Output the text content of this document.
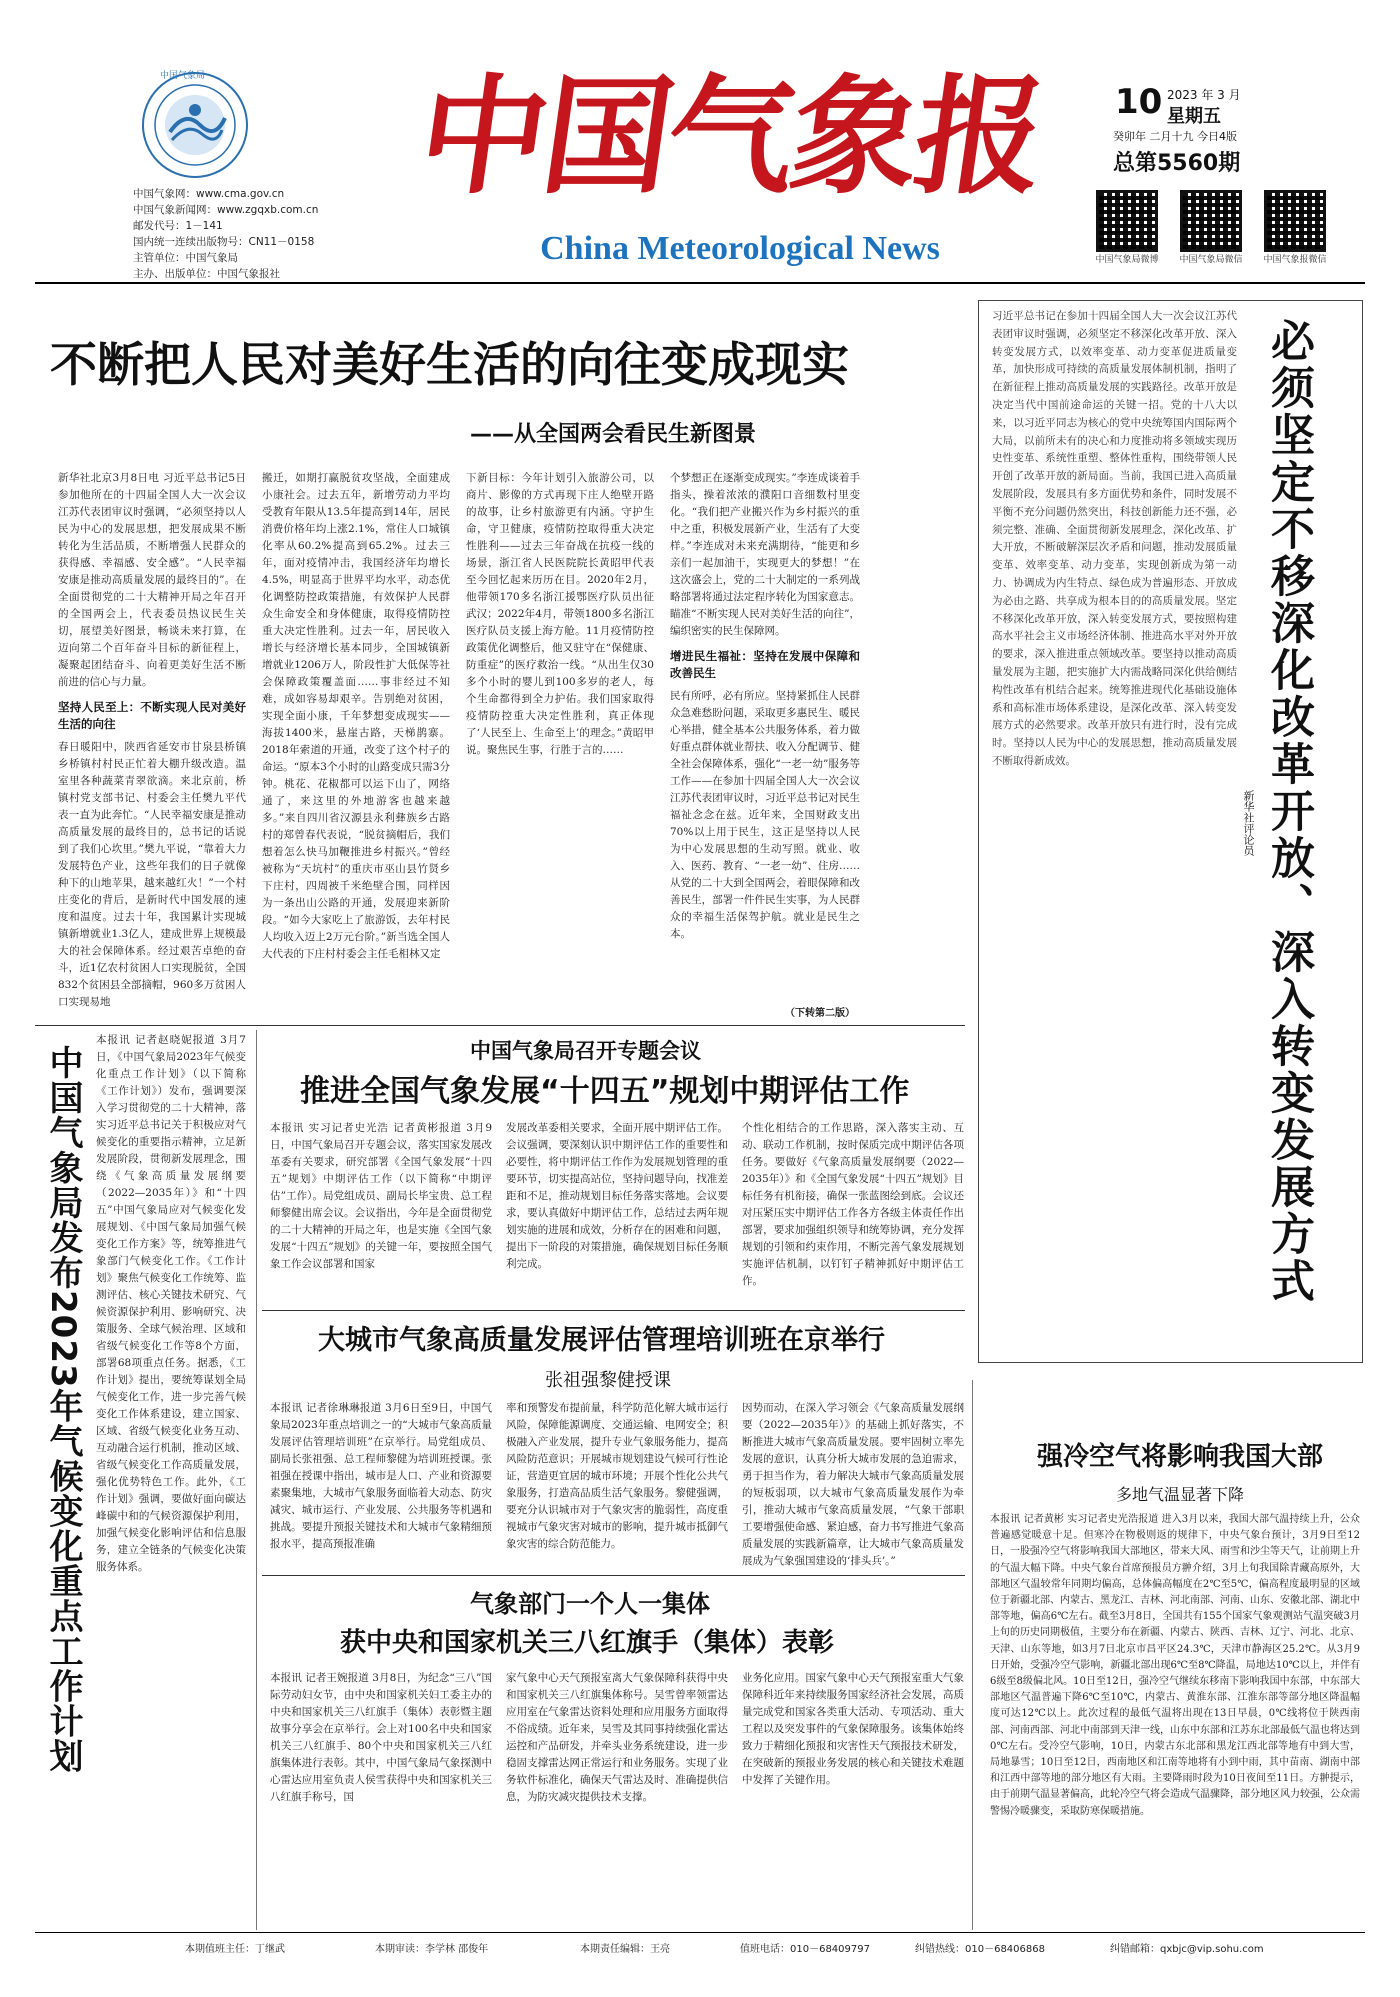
中国气象局
中国气象网：www.cma.gov.cn
中国气象新闻网：www.zgqxb.com.cn
邮发代号：1－141
国内统一连续出版物号：CN11－0158
主管单位：中国气象局
主办、出版单位：中国气象报社
中国气象报
China Meteorological News
10 2023 年 3 月
星期五
癸卯年 二月十九 今日4版
总第5560期
中国气象局微博	中国气象局微信	中国气象报微信
不断把人民对美好生活的向往变成现实
——从全国两会看民生新图景
新华社北京3月8日电 习近平总书记5日参加他所在的十四届全国人大一次会议江苏代表团审议时强调，“必须坚持以人民为中心的发展思想，把发展成果不断转化为生活品质，不断增强人民群众的获得感、幸福感、安全感”。“人民幸福安康是推动高质量发展的最终目的”。在全面贯彻党的二十大精神开局之年召开的全国两会上，代表委员热议民生关切，展望美好图景，畅谈未来打算，在迈向第二个百年奋斗目标的新征程上，凝聚起团结奋斗、向着更美好生活不断前进的信心与力量。
坚持人民至上：不断实现人民对美好生活的向往
春日暖阳中，陕西省延安市甘泉县桥镇乡桥镇村村民正忙着大棚升级改造。温室里各种蔬菜青翠欲滴。来北京前，桥镇村党支部书记、村委会主任樊九平代表一直为此奔忙。“人民幸福安康是推动高质量发展的最终目的，总书记的话说到了我们心坎里。”樊九平说，“靠着大力发展特色产业，这些年我们的日子就像种下的山地苹果，越来越红火！”一个村庄变化的背后，是新时代中国发展的速度和温度。过去十年，我国累计实现城镇新增就业1.3亿人，建成世界上规模最大的社会保障体系。经过艰苦卓绝的奋斗，近1亿农村贫困人口实现脱贫，全国832个贫困县全部摘帽，960多万贫困人口实现易地
搬迁，如期打赢脱贫攻坚战，全面建成小康社会。过去五年，新增劳动力平均受教育年限从13.5年提高到14年，居民消费价格年均上涨2.1%，常住人口城镇化率从60.2%提高到65.2%。过去三年，面对疫情冲击，我国经济年均增长4.5%，明显高于世界平均水平，动态优化调整防控政策措施，有效保护人民群众生命安全和身体健康，取得疫情防控重大决定性胜利。过去一年，居民收入增长与经济增长基本同步，全国城镇新增就业1206万人，阶段性扩大低保等社会保障政策覆盖面……事非经过不知难，成如容易却艰辛。告别绝对贫困，实现全面小康，千年梦想变成现实——海拔1400米，悬崖古路，天梯鹊寨。2018年索道的开通，改变了这个村子的命运。“原本3个小时的山路变成只需3分钟。桃花、花椒都可以运下山了，网络通了，来这里的外地游客也越来越多。”来自四川省汉源县永利彝族乡古路村的郑曾春代表说，“脱贫摘帽后，我们想着怎么快马加鞭推进乡村振兴。”曾经被称为“天坑村”的重庆市巫山县竹贤乡下庄村，四周被千米绝壁合围，同样因为一条出山公路的开通，发展迎来新阶段。“如今大家吃上了旅游饭，去年村民人均收入迈上2万元台阶。”新当选全国人大代表的下庄村村委会主任毛相林又定
下新目标：今年计划引入旅游公司，以商片、影像的方式再现下庄人绝壁开路的故事，让乡村旅游更有内涵。守护生命，守卫健康，疫情防控取得重大决定性胜利——过去三年奋战在抗疫一线的场景，浙江省人民医院院长黄昭甲代表至今回忆起来历历在目。2020年2月，他带领170多名浙江援鄂医疗队员出征武汉；2022年4月，带领1800多名浙江医疗队员支援上海方舱。11月疫情防控政策优化调整后，他又驻守在“保健康、防重症”的医疗救治一线。“从出生仅30多个小时的婴儿到100多岁的老人，每个生命都得到全力护佑。我们国家取得疫情防控重大决定性胜利，真正体现了‘人民至上、生命至上’的理念。”黄昭甲说。聚焦民生事，行胜于言的……
个梦想正在逐渐变成现实。”李连成谈着手指头，操着浓浓的濮阳口音细数村里变化。“我们把产业搬兴作为乡村振兴的重中之重，积极发展新产业，生活有了大变样。”李连成对未来充满期待，“能更和乡亲们一起加油干，实现更大的梦想！”在这次盛会上，党的二十大制定的一系列战略部署将通过法定程序转化为国家意志。瞄准“不断实现人民对美好生活的向往”，编织密实的民生保障网。
增进民生福祉：坚持在发展中保障和改善民生
民有所呼，必有所应。坚持紧抓住人民群众急难愁盼问题，采取更多惠民生、暖民心举措，健全基本公共服务体系，着力做好重点群体就业帮扶、收入分配调节、健全社会保障体系，强化“一老一幼”服务等工作——在参加十四届全国人大一次会议江苏代表团审议时，习近平总书记对民生福祉念念在兹。近年来，全国财政支出70%以上用于民生，这正是坚持以人民为中心发展思想的生动写照。就业、收入、医药、教育、“一老一幼”、住房……从党的二十大到全国两会，着眼保障和改善民生，部署一件件民生实事，为人民群众的幸福生活保驾护航。就业是民生之本。
（下转第二版）
习近平总书记在参加十四届全国人大一次会议江苏代表团审议时强调，必须坚定不移深化改革开放、深入转变发展方式，以效率变革、动力变革促进质量变革，加快形成可持续的高质量发展体制机制，指明了在新征程上推动高质量发展的实践路径。改革开放是决定当代中国前途命运的关键一招。党的十八大以来，以习近平同志为核心的党中央统筹国内国际两个大局，以前所未有的决心和力度推动将多领域实现历史性变革、系统性重塑、整体性重构，围绕带领人民开创了改革开放的新局面。当前，我国已进入高质量发展阶段，发展具有多方面优势和条件，同时发展不平衡不充分问题仍然突出，科技创新能力还不强，必须完整、准确、全面贯彻新发展理念，深化改革、扩大开放，不断破解深层次矛盾和问题，推动发展质量变革、效率变革、动力变革，实现创新成为第一动力、协调成为内生特点、绿色成为普遍形态、开放成为必由之路、共享成为根本目的的高质量发展。坚定不移深化改革开放，深入转变发展方式，要按照构建高水平社会主义市场经济体制、推进高水平对外开放的要求，深入推进重点领域改革。要坚持以推动高质量发展为主题，把实施扩大内需战略同深化供给侧结构性改革有机结合起来。统筹推进现代化基础设施体系和高标准市场体系建设，是深化改革、深入转变发展方式的必然要求。改革开放只有进行时，没有完成时。坚持以人民为中心的发展思想，推动高质量发展不断取得新成效。	必须坚定不移深化改革开放、深入转变发展方式
新华社评论员
中国气象局发布2023年气候变化重点工作计划
本报讯 记者赵晓妮报道 3月7日，《中国气象局2023年气候变化重点工作计划》（以下简称《工作计划》）发布，强调要深入学习贯彻党的二十大精神，落实习近平总书记关于积极应对气候变化的重要指示精神，立足新发展阶段，贯彻新发展理念，围绕《气象高质量发展纲要（2022—2035年）》和“十四五”中国气象局应对气候变化发展规划、《中国气象局加强气候变化工作方案》等，统筹推进气象部门气候变化工作。《工作计划》聚焦气候变化工作统筹、监测评估、核心关键技术研究、气候资源保护利用、影响研究、决策服务、全球气候治理、区域和省级气候变化工作等8个方面，部署68项重点任务。据悉，《工作计划》提出，要统筹谋划全局气候变化工作，进一步完善气候变化工作体系建设，建立国家、区域、省级气候变化业务互动、互动融合运行机制，推动区域、省级气候变化工作高质量发展，强化优势特色工作。此外，《工作计划》强调，要做好面向碳达峰碳中和的气候资源保护利用，加强气候变化影响评估和信息服务，建立全链条的气候变化决策服务体系。
中国气象局召开专题会议
推进全国气象发展“十四五”规划中期评估工作
本报讯 实习记者史光浩 记者黄彬报道 3月9日，中国气象局召开专题会议，落实国家发展改革委有关要求，研究部署《全国气象发展“十四五”规划》中期评估工作（以下简称“中期评估”工作）。局党组成员、副局长毕宝贵、总工程师黎健出席会议。会议指出，今年是全面贯彻党的二十大精神的开局之年，也是实施《全国气象发展“十四五”规划》的关键一年，要按照全国气象工作会议部署和国家
发展改革委相关要求，全面开展中期评估工作。会议强调，要深刻认识中期评估工作的重要性和必要性，将中期评估工作作为发展规划管理的重要环节，切实提高站位，坚持问题导向，找准差距和不足，推动规划目标任务落实落地。会议要求，要认真做好中期评估工作，总结过去两年规划实施的进展和成效，分析存在的困难和问题，提出下一阶段的对策措施，确保规划目标任务顺利完成。
个性化相结合的工作思路，深入落实主动、互动、联动工作机制，按时保质完成中期评估各项任务。要做好《气象高质量发展纲要（2022—2035年）》和《全国气象发展“十四五”规划》目标任务有机衔接，确保一张蓝图绘到底。会议还对压紧压实中期评估工作各方各级主体责任作出部署，要求加强组织领导和统筹协调，充分发挥规划的引领和约束作用，不断完善气象发展规划实施评估机制，以钉钉子精神抓好中期评估工作。
大城市气象高质量发展评估管理培训班在京举行
张祖强黎健授课
本报讯 记者徐琳琳报道 3月6日至9日，中国气象局2023年重点培训之一的“大城市气象高质量发展评估管理培训班”在京举行。局党组成员、副局长张祖强、总工程师黎健为培训班授课。张祖强在授课中指出，城市是人口、产业和资源要素聚集地，大城市气象服务面临着大动态、防灾减灾、城市运行、产业发展、公共服务等机遇和挑战。要提升预报关键技术和大城市气象精细预报水平，提高预报准确
率和预警发布提前量，科学防范化解大城市运行风险，保障能源调度、交通运输、电网安全；积极融入产业发展，提升专业气象服务能力，提高风险防范意识；开展城市规划建设气候可行性论证，营造更宜居的城市环境；开展个性化公共气象服务，打造高品质生活气象服务。黎健强调，要充分认识城市对于气象灾害的脆弱性，高度重视城市气象灾害对城市的影响，提升城市抵御气象灾害的综合防范能力。
因势而动，在深入学习领会《气象高质量发展纲要（2022—2035年）》的基础上抓好落实，不断推进大城市气象高质量发展。要牢固树立率先发展的意识，认真分析大城市发展的急迫需求，勇于担当作为，着力解决大城市气象高质量发展的短板弱项，以大城市气象高质量发展作为牵引，推动大城市气象高质量发展，“气象干部职工要增强使命感、紧迫感，奋力书写推进气象高质量发展的实践新篇章，让大城市气象高质量发展成为气象强国建设的‘排头兵’。”
气象部门一个人一集体
获中央和国家机关三八红旗手（集体）表彰
本报讯 记者王婉报道 3月8日，为纪念“三八”国际劳动妇女节，由中央和国家机关妇工委主办的中央和国家机关三八红旗手（集体）表彰暨主题故事分享会在京举行。会上对100名中央和国家机关三八红旗手、80个中央和国家机关三八红旗集体进行表彰。其中，中国气象局气象探测中心雷达应用室负责人侯雪获得中央和国家机关三八红旗手称号，国
家气象中心天气预报室离大气象保障科获得中央和国家机关三八红旗集体称号。吴雪曾率领雷达应用室在气象雷达资料处理和应用服务方面取得不俗成绩。近年来，吴雪及其同事持续强化雷达运控和产品研发，并牵头业务系统建设，进一步稳固支撑雷达网正常运行和业务服务。实现了业务软件标准化，确保天气雷达及时、准确提供信息，为防灾减灾提供技术支撑。
业务化应用。国家气象中心天气预报室重大气象保障科近年来持续服务国家经济社会发展，高质量完成党和国家各类重大活动、专项活动、重大工程以及突发事件的气象保障服务。该集体始终致力于精细化预报和灾害性天气预报技术研发，在突破新的预报业务发展的核心和关键技术难题中发挥了关键作用。
强冷空气将影响我国大部
多地气温显著下降
本报讯 记者黄彬 实习记者史光浩报道 进入3月以来，我国大部气温持续上升，公众普遍感觉暖意十足。但寒冷在物极则返的规律下，中央气象台预计，3月9日至12日，一股强冷空气将影响我国大部地区，带来大风、雨雪和沙尘等天气，让前期上升的气温大幅下降。中央气象台首席预报员方翀介绍，3月上旬我国除青藏高原外，大部地区气温较常年同期均偏高，总体偏高幅度在2℃至5℃，偏高程度最明显的区域位于新疆北部、内蒙古、黑龙江、吉林、河北南部、河南、山东、安徽北部、湖北中部等地，偏高6℃左右。截至3月8日，全国共有155个国家气象观测站气温突破3月上旬的历史同期极值，主要分布在新疆、内蒙古、陕西、吉林、辽宁、河北、北京、天津、山东等地，如3月7日北京市昌平区24.3℃，天津市静海区25.2℃。从3月9日开始，受强冷空气影响，新疆北部出现6℃至8℃降温，局地达10℃以上，并伴有6级至8级偏北风。10日至12日，强冷空气继续东移南下影响我国中东部，中东部大部地区气温普遍下降6℃至10℃，内蒙古、黄淮东部、江淮东部等部分地区降温幅度可达12℃以上。此次过程的最低气温将出现在13日早晨，0℃线将位于陕西南部、河南西部、河北中南部到天津一线，山东中东部和江苏东北部最低气温也将达到0℃左右。受冷空气影响，10日，内蒙古东北部和黑龙江西北部等地有中到大雪，局地暴雪；10日至12日，西南地区和江南等地将有小到中雨，其中苗南、湖南中部和江西中部等地的部分地区有大雨。主要降雨时段为10日夜间至11日。方翀提示，由于前期气温显著偏高，此轮冷空气将会造成气温骤降，部分地区风力较强，公众需警惕冷暖骤变，采取防寒保暖措施。
本期值班主任：丁继武	本期审读：李学林 邵俊年	本期责任编辑：王亮	值班电话：010－68409797	纠错热线：010－68406868	纠错邮箱：qxbjc@vip.sohu.com
